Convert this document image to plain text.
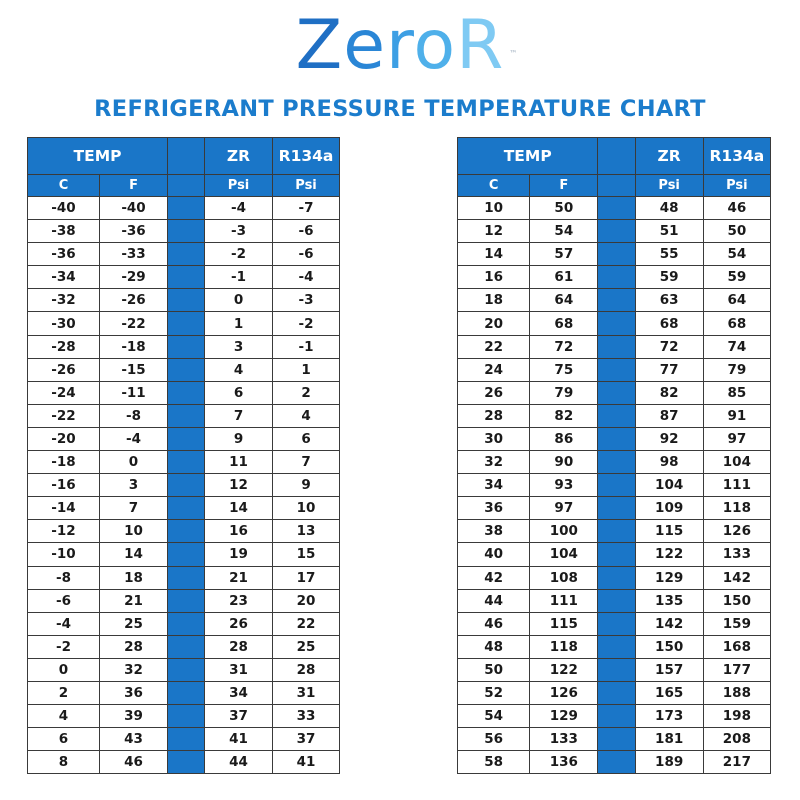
ZeroR ™
REFRIGERANT PRESSURE TEMPERATURE CHART
TEMP			ZR	R134a
C	F		Psi	Psi
-40	-40		-4	-7
-38	-36		-3	-6
-36	-33		-2	-6
-34	-29		-1	-4
-32	-26		0	-3
-30	-22		1	-2
-28	-18		3	-1
-26	-15		4	1
-24	-11		6	2
-22	-8		7	4
-20	-4		9	6
-18	0		11	7
-16	3		12	9
-14	7		14	10
-12	10		16	13
-10	14		19	15
-8	18		21	17
-6	21		23	20
-4	25		26	22
-2	28		28	25
0	32		31	28
2	36		34	31
4	39		37	33
6	43		41	37
8	46		44	41
TEMP			ZR	R134a
C	F		Psi	Psi
10	50		48	46
12	54		51	50
14	57		55	54
16	61		59	59
18	64		63	64
20	68		68	68
22	72		72	74
24	75		77	79
26	79		82	85
28	82		87	91
30	86		92	97
32	90		98	104
34	93		104	111
36	97		109	118
38	100		115	126
40	104		122	133
42	108		129	142
44	111		135	150
46	115		142	159
48	118		150	168
50	122		157	177
52	126		165	188
54	129		173	198
56	133		181	208
58	136		189	217
